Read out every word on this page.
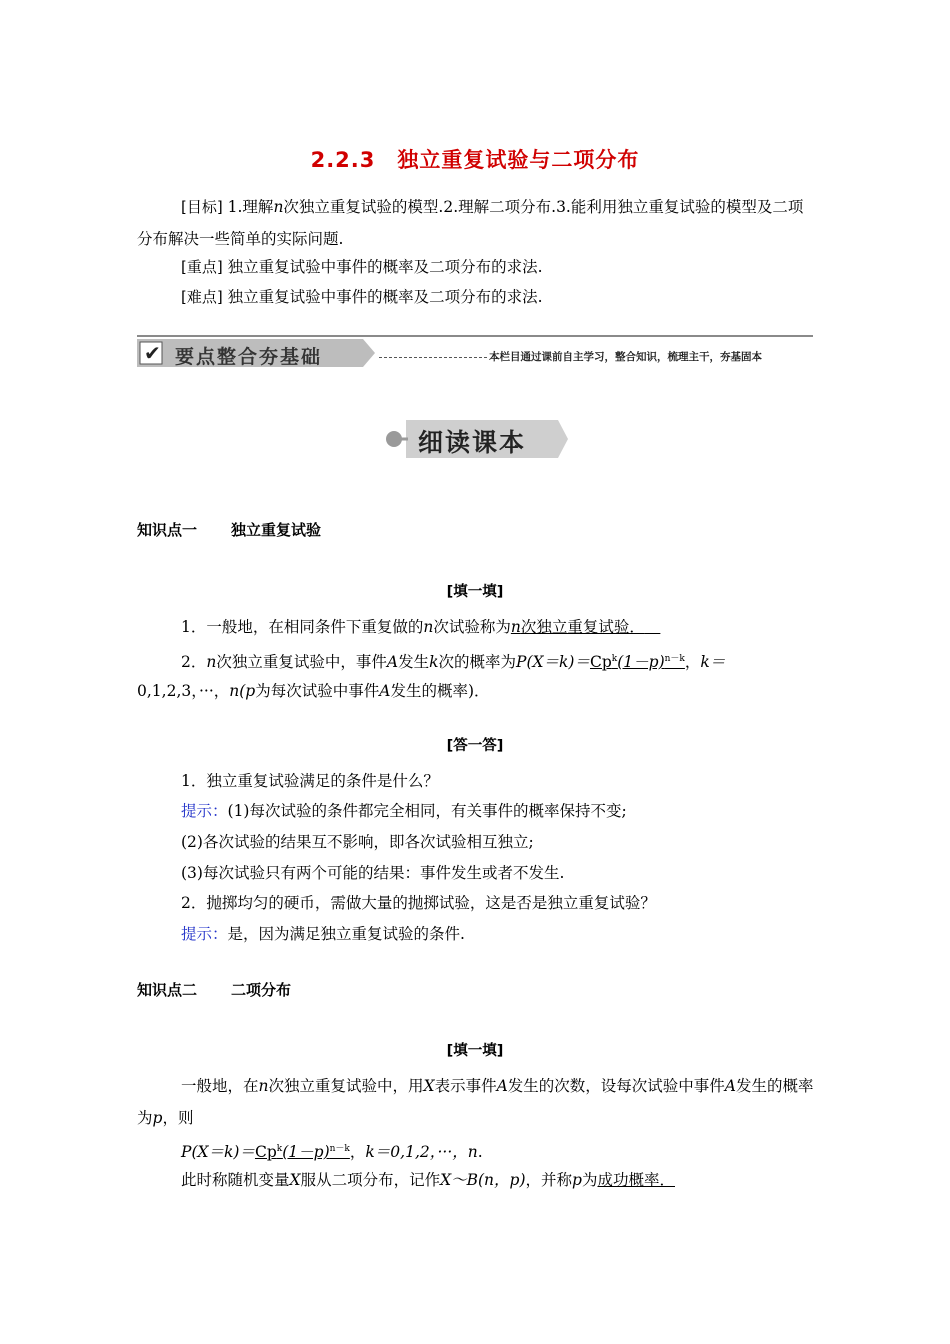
2.2.3　独立重复试验与二项分布
[目标] 1.理解n次独立重复试验的模型.2.理解二项分布.3.能利用独立重复试验的模型及二项分布解决一些简单的实际问题.
[重点] 独立重复试验中事件的概率及二项分布的求法.
[难点] 独立重复试验中事件的概率及二项分布的求法.
✔ 要点整合夯基础	本栏目通过课前自主学习，整合知识，梳理主干，夯基固本
细读课本
知识点一 独立重复试验
[填一填]
1．一般地，在相同条件下重复做的n次试验称为n次独立重复试验． 
2．n次独立重复试验中，事件A发生k次的概率为$P(X=k)=Cp^k(1-p)^{n-k}$，k＝
0,1,2,3，···，n(p为每次试验中事件A发生的概率)．
[答一答]
1．独立重复试验满足的条件是什么？
提示：(1)每次试验的条件都完全相同，有关事件的概率保持不变;
(2)各次试验的结果互不影响，即各次试验相互独立;
(3)每次试验只有两个可能的结果：事件发生或者不发生.
2．抛掷均匀的硬币，需做大量的抛掷试验，这是否是独立重复试验？
提示：是，因为满足独立重复试验的条件.
知识点二 二项分布
[填一填]
一般地，在n次独立重复试验中，用X表示事件A发生的次数，设每次试验中事件A发生的概率为p，则
$P(X=k)=Cp^k(1-p)^{n-k}$，k＝0,1,2，···，n.
此时称随机变量X服从二项分布，记作X～B(n，p)，并称p为成功概率．
